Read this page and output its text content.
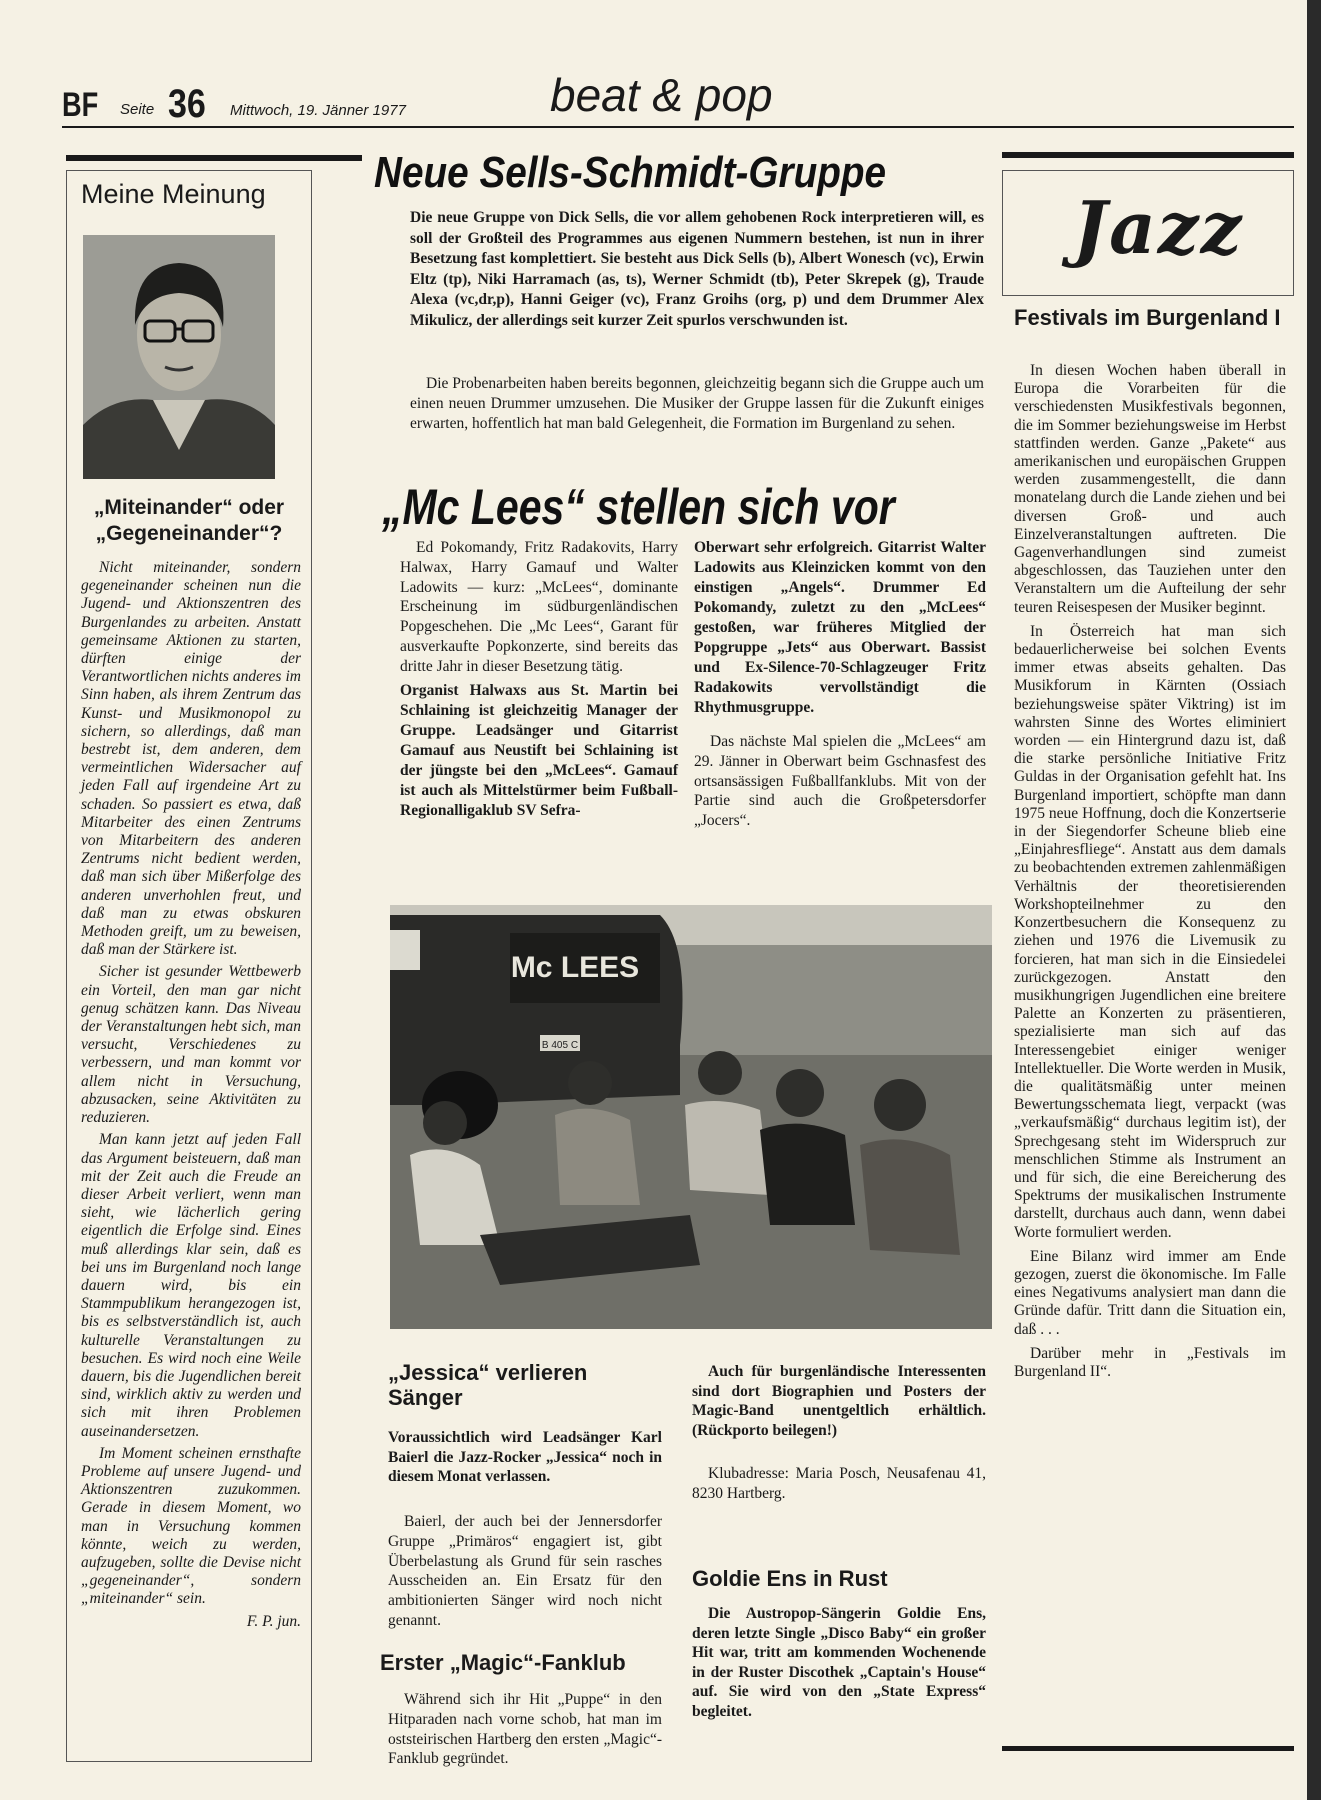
BF Seite 36 Mittwoch, 19. Jänner 1977	beat & pop
Meine Meinung
„Miteinander“ oder „Gegeneinander“?

Nicht miteinander, sondern gegeneinander scheinen nun die Jugend- und Aktionszentren des Burgenlandes zu arbeiten. Anstatt gemeinsame Aktionen zu starten, dürften einige der Verantwortlichen nichts anderes im Sinn haben, als ihrem Zentrum das Kunst- und Musikmonopol zu sichern, so allerdings, daß man bestrebt ist, dem anderen, dem vermeintlichen Widersacher auf jeden Fall auf irgendeine Art zu schaden. So passiert es etwa, daß Mitarbeiter des einen Zentrums von Mitarbeitern des anderen Zentrums nicht bedient werden, daß man sich über Mißerfolge des anderen unverhohlen freut, und daß man zu etwas obskuren Methoden greift, um zu beweisen, daß man der Stärkere ist.

Sicher ist gesunder Wettbewerb ein Vorteil, den man gar nicht genug schätzen kann. Das Niveau der Veranstaltungen hebt sich, man versucht, Verschiedenes zu verbessern, und man kommt vor allem nicht in Versuchung, abzusacken, seine Aktivitäten zu reduzieren.

Man kann jetzt auf jeden Fall das Argument beisteuern, daß man mit der Zeit auch die Freude an dieser Arbeit verliert, wenn man sieht, wie lächerlich gering eigentlich die Erfolge sind. Eines muß allerdings klar sein, daß es bei uns im Burgenland noch lange dauern wird, bis ein Stammpublikum herangezogen ist, bis es selbstverständlich ist, auch kulturelle Veranstaltungen zu besuchen. Es wird noch eine Weile dauern, bis die Jugendlichen bereit sind, wirklich aktiv zu werden und sich mit ihren Problemen auseinandersetzen.

Im Moment scheinen ernsthafte Probleme auf unsere Jugend- und Aktionszentren zuzukommen. Gerade in diesem Moment, wo man in Versuchung kommen könnte, weich zu werden, aufzugeben, sollte die Devise nicht „gegeneinander“, sondern „miteinander“ sein.

F. P. jun.

Neue Sells-Schmidt-Gruppe
Die neue Gruppe von Dick Sells, die vor allem gehobenen Rock interpretieren will, es soll der Großteil des Programmes aus eigenen Nummern bestehen, ist nun in ihrer Besetzung fast komplettiert. Sie besteht aus Dick Sells (b), Albert Wonesch (vc), Erwin Eltz (tp), Niki Harramach (as, ts), Werner Schmidt (tb), Peter Skrepek (g), Traude Alexa (vc,dr,p), Hanni Geiger (vc), Franz Groihs (org, p) und dem Drummer Alex Mikulicz, der allerdings seit kurzer Zeit spurlos verschwunden ist.
Die Probenarbeiten haben bereits begonnen, gleichzeitig begann sich die Gruppe auch um einen neuen Drummer umzusehen. Die Musiker der Gruppe lassen für die Zukunft einiges erwarten, hoffentlich hat man bald Gelegenheit, die Formation im Burgenland zu sehen.
„Mc Lees“ stellen sich vor

Ed Pokomandy, Fritz Radakovits, Harry Halwax, Harry Gamauf und Walter Ladowits — kurz: „McLees“, dominante Erscheinung im südburgenländischen Popgeschehen. Die „Mc Lees“, Garant für ausverkaufte Popkonzerte, sind bereits das dritte Jahr in dieser Besetzung tätig.

Organist Halwaxs aus St. Martin bei Schlaining ist gleichzeitig Manager der Gruppe. Leadsänger und Gitarrist Gamauf aus Neustift bei Schlaining ist der jüngste bei den „McLees“. Gamauf ist auch als Mittelstürmer beim Fußball-Regionalligaklub SV Sefra-

Oberwart sehr erfolgreich. Gitarrist Walter Ladowits aus Kleinzicken kommt von den einstigen „Angels“. Drummer Ed Pokomandy, zuletzt zu den „McLees“ gestoßen, war früheres Mitglied der Popgruppe „Jets“ aus Oberwart. Bassist und Ex-Silence-70-Schlagzeuger Fritz Radakowits vervollständigt die Rhythmusgruppe.

Das nächste Mal spielen die „McLees“ am 29. Jänner in Oberwart beim Gschnasfest des ortsansässigen Fußballfanklubs. Mit von der Partie sind auch die Großpetersdorfer „Jocers“.

Mc LEES
B 405 C
„Jessica“ verlieren Sänger
Voraussichtlich wird Leadsänger Karl Baierl die Jazz-Rocker „Jessica“ noch in diesem Monat verlassen.
Baierl, der auch bei der Jennersdorfer Gruppe „Primäros“ engagiert ist, gibt Überbelastung als Grund für sein rasches Ausscheiden an. Ein Ersatz für den ambitionierten Sänger wird noch nicht genannt.
Erster „Magic“-Fanklub
Während sich ihr Hit „Puppe“ in den Hitparaden nach vorne schob, hat man im oststeirischen Hartberg den ersten „Magic“-Fanklub gegründet.
Auch für burgenländische Interessenten sind dort Biographien und Posters der Magic-Band unentgeltlich erhältlich. (Rückporto beilegen!)
Klubadresse: Maria Posch, Neusafenau 41, 8230 Hartberg.
Goldie Ens in Rust
Die Austropop-Sängerin Goldie Ens, deren letzte Single „Disco Baby“ ein großer Hit war, tritt am kommenden Wochenende in der Ruster Discothek „Captain's House“ auf. Sie wird von den „State Express“ begleitet.
Jazz
Festivals im Burgenland I

In diesen Wochen haben überall in Europa die Vorarbeiten für die verschiedensten Musikfestivals begonnen, die im Sommer beziehungsweise im Herbst stattfinden werden. Ganze „Pakete“ aus amerikanischen und europäischen Gruppen werden zusammengestellt, die dann monatelang durch die Lande ziehen und bei diversen Groß- und auch Einzelveranstaltungen auftreten. Die Gagenverhandlungen sind zumeist abgeschlossen, das Tauziehen unter den Veranstaltern um die Aufteilung der sehr teuren Reisespesen der Musiker beginnt.

In Österreich hat man sich bedauerlicherweise bei solchen Events immer etwas abseits gehalten. Das Musikforum in Kärnten (Ossiach beziehungsweise später Viktring) ist im wahrsten Sinne des Wortes eliminiert worden — ein Hintergrund dazu ist, daß die starke persönliche Initiative Fritz Guldas in der Organisation gefehlt hat. Ins Burgenland importiert, schöpfte man dann 1975 neue Hoffnung, doch die Konzertserie in der Siegendorfer Scheune blieb eine „Einjahresfliege“. Anstatt aus dem damals zu beobachtenden extremen zahlenmäßigen Verhältnis der theoretisierenden Workshopteilnehmer zu den Konzertbesuchern die Konsequenz zu ziehen und 1976 die Livemusik zu forcieren, hat man sich in die Einsiedelei zurückgezogen. Anstatt den musikhungrigen Jugendlichen eine breitere Palette an Konzerten zu präsentieren, spezialisierte man sich auf das Interessengebiet einiger weniger Intellektueller. Die Worte werden in Musik, die qualitätsmäßig unter meinen Bewertungsschemata liegt, verpackt (was „verkaufsmäßig“ durchaus legitim ist), der Sprechgesang steht im Widerspruch zur menschlichen Stimme als Instrument an und für sich, die eine Bereicherung des Spektrums der musikalischen Instrumente darstellt, durchaus auch dann, wenn dabei Worte formuliert werden.

Eine Bilanz wird immer am Ende gezogen, zuerst die ökonomische. Im Falle eines Negativums analysiert man dann die Gründe dafür. Tritt dann die Situation ein, daß . . .

Darüber mehr in „Festivals im Burgenland II“.
